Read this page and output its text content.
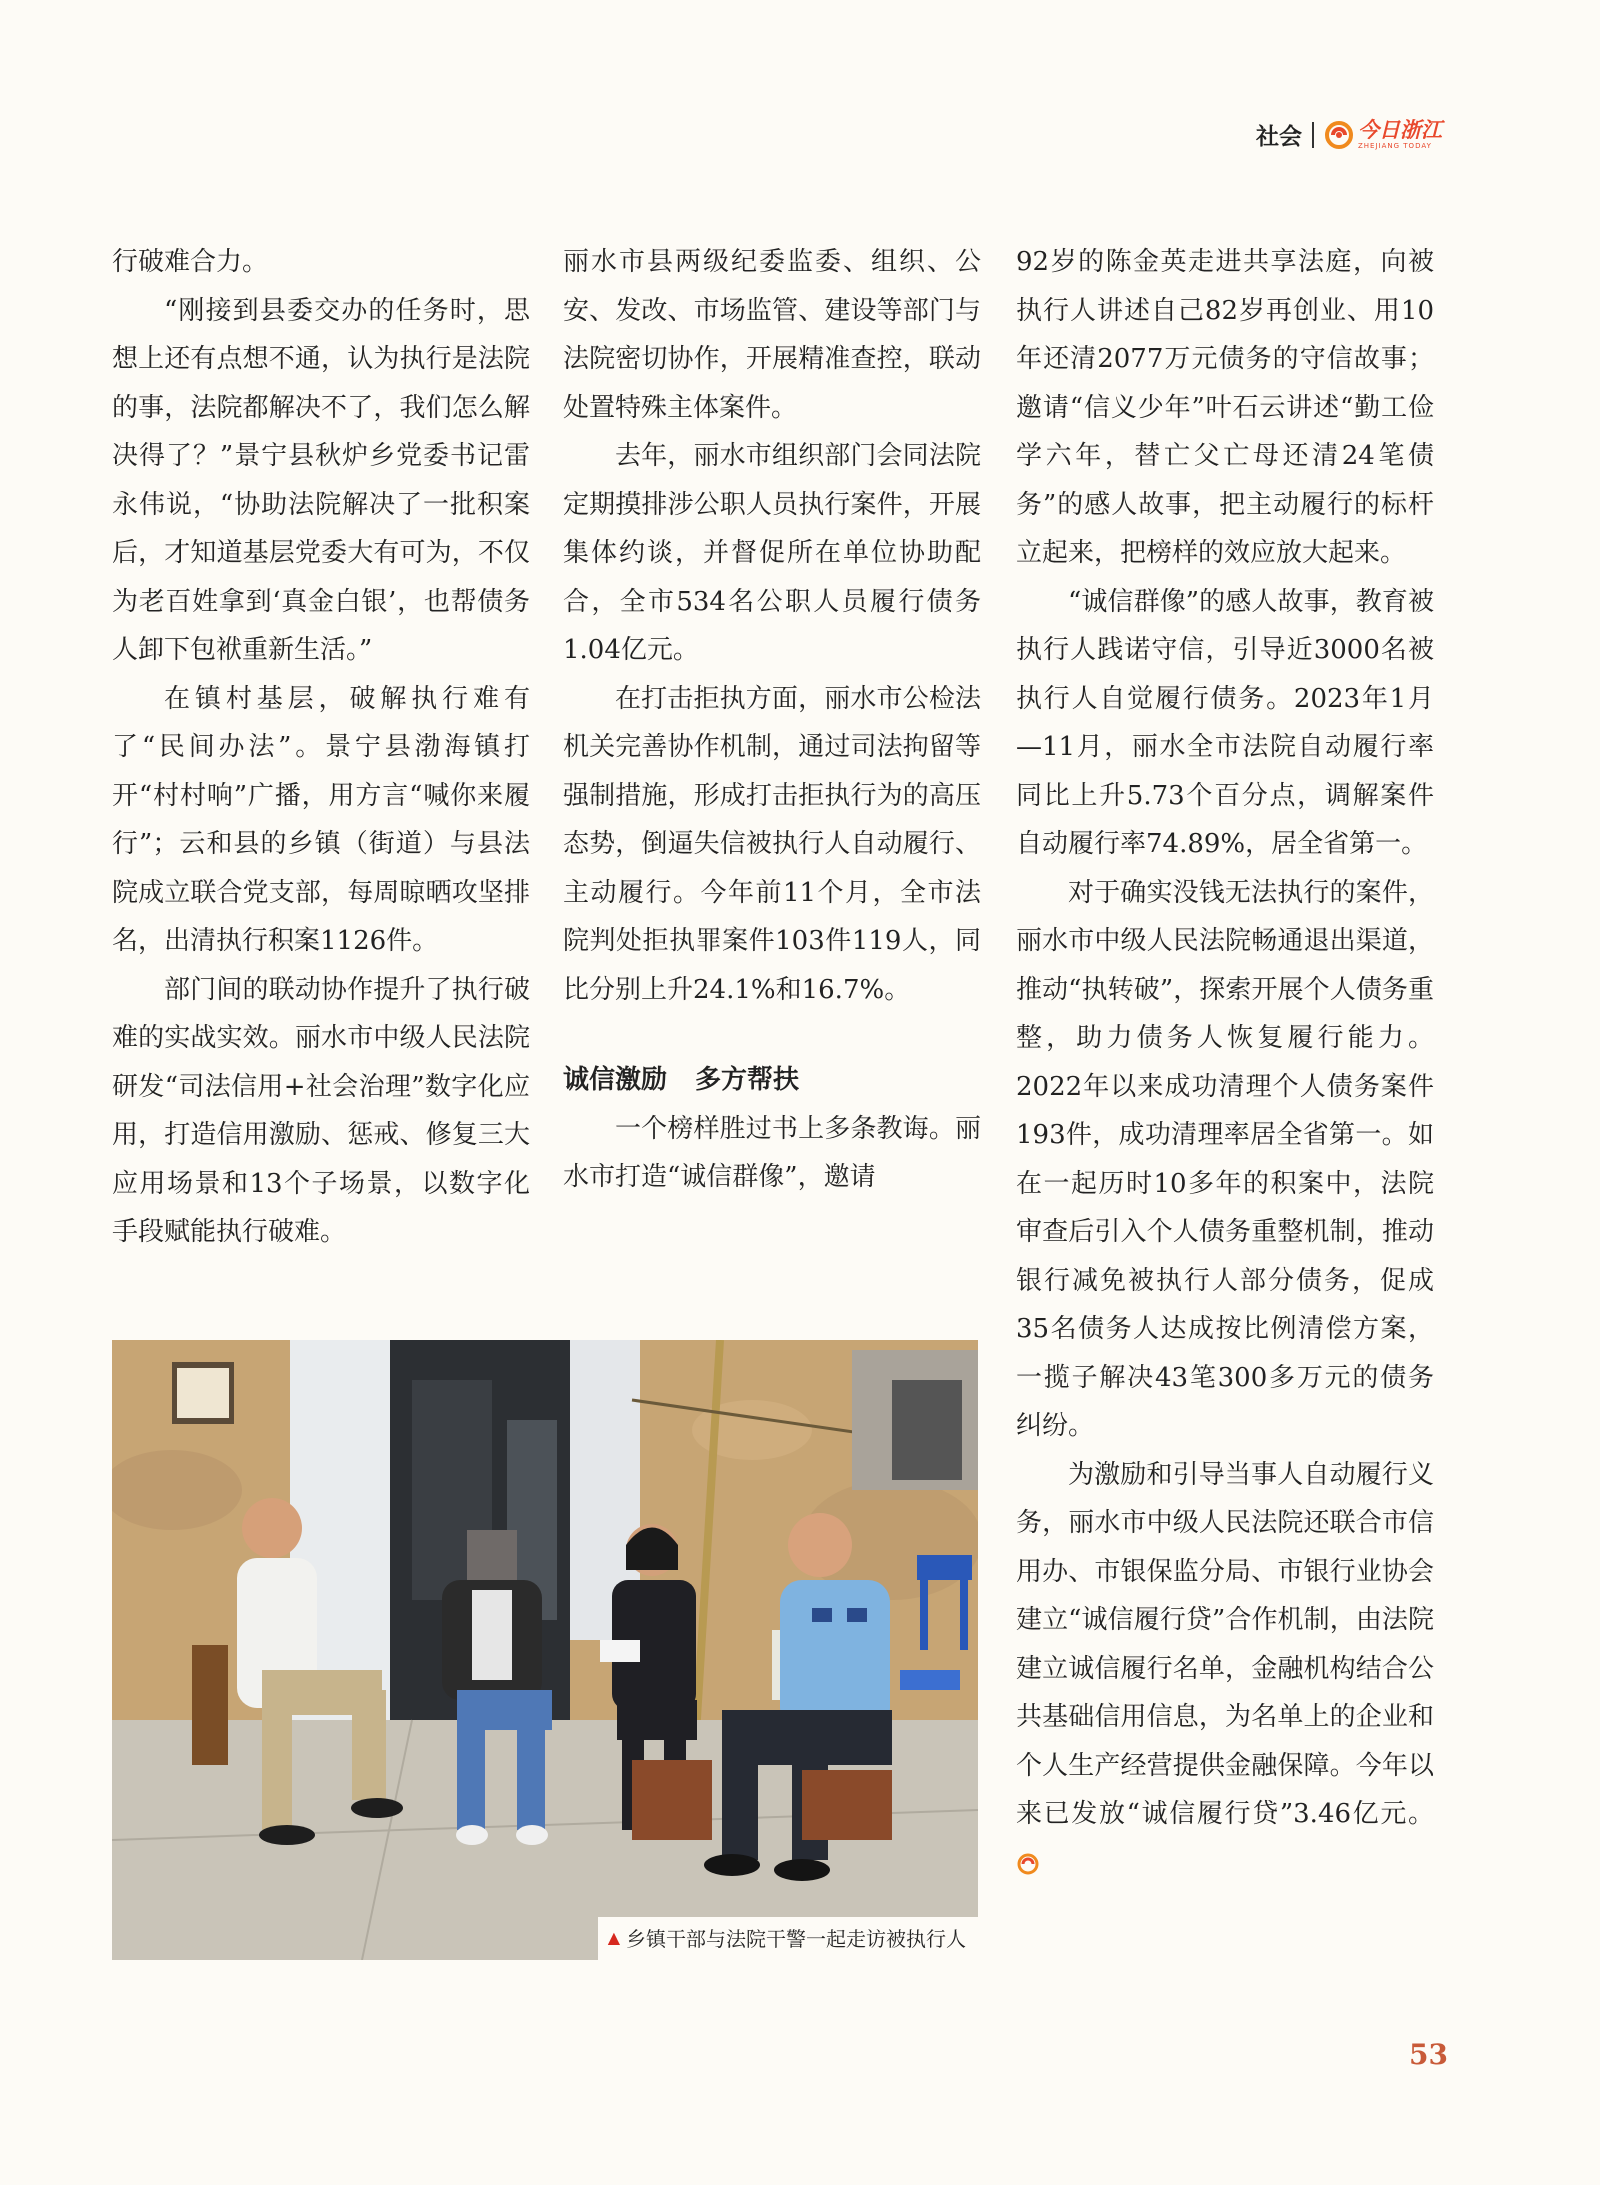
社会	今日浙江
ZHEJIANG TODAY

行破难合力。

“刚接到县委交办的任务时，思想上还有点想不通，认为执行是法院的事，法院都解决不了，我们怎么解决得了？”景宁县秋炉乡党委书记雷永伟说，“协助法院解决了一批积案后，才知道基层党委大有可为，不仅为老百姓拿到‘真金白银’，也帮债务人卸下包袱重新生活。”

在镇村基层，破解执行难有了“民间办法”。景宁县渤海镇打开“村村响”广播，用方言“喊你来履行”；云和县的乡镇（街道）与县法院成立联合党支部，每周晾晒攻坚排名，出清执行积案1126件。

部门间的联动协作提升了执行破难的实战实效。丽水市中级人民法院研发“司法信用+社会治理”数字化应用，打造信用激励、惩戒、修复三大应用场景和13个子场景，以数字化手段赋能执行破难。

丽水市县两级纪委监委、组织、公安、发改、市场监管、建设等部门与法院密切协作，开展精准查控，联动处置特殊主体案件。

去年，丽水市组织部门会同法院定期摸排涉公职人员执行案件，开展集体约谈，并督促所在单位协助配合，全市534名公职人员履行债务1.04亿元。

在打击拒执方面，丽水市公检法机关完善协作机制，通过司法拘留等强制措施，形成打击拒执行为的高压态势，倒逼失信被执行人自动履行、主动履行。今年前11个月，全市法院判处拒执罪案件103件119人，同比分别上升24.1%和16.7%。

诚信激励 多方帮扶

一个榜样胜过书上多条教诲。丽水市打造“诚信群像”，邀请

92岁的陈金英走进共享法庭，向被执行人讲述自己82岁再创业、用10年还清2077万元债务的守信故事；邀请“信义少年”叶石云讲述“勤工俭学六年，替亡父亡母还清24笔债务”的感人故事，把主动履行的标杆立起来，把榜样的效应放大起来。

“诚信群像”的感人故事，教育被执行人践诺守信，引导近3000名被执行人自觉履行债务。2023年1月—11月，丽水全市法院自动履行率同比上升5.73个百分点，调解案件自动履行率74.89%，居全省第一。

对于确实没钱无法执行的案件，丽水市中级人民法院畅通退出渠道，推动“执转破”，探索开展个人债务重整，助力债务人恢复履行能力。2022年以来成功清理个人债务案件193件，成功清理率居全省第一。如在一起历时10多年的积案中，法院审查后引入个人债务重整机制，推动银行减免被执行人部分债务，促成35名债务人达成按比例清偿方案，一揽子解决43笔300多万元的债务纠纷。

为激励和引导当事人自动履行义务，丽水市中级人民法院还联合市信用办、市银保监分局、市银行业协会建立“诚信履行贷”合作机制，由法院建立诚信履行名单，金融机构结合公共基础信用信息，为名单上的企业和个人生产经营提供金融保障。今年以来已发放“诚信履行贷”3.46亿元。

▲ 乡镇干部与法院干警一起走访被执行人
53
